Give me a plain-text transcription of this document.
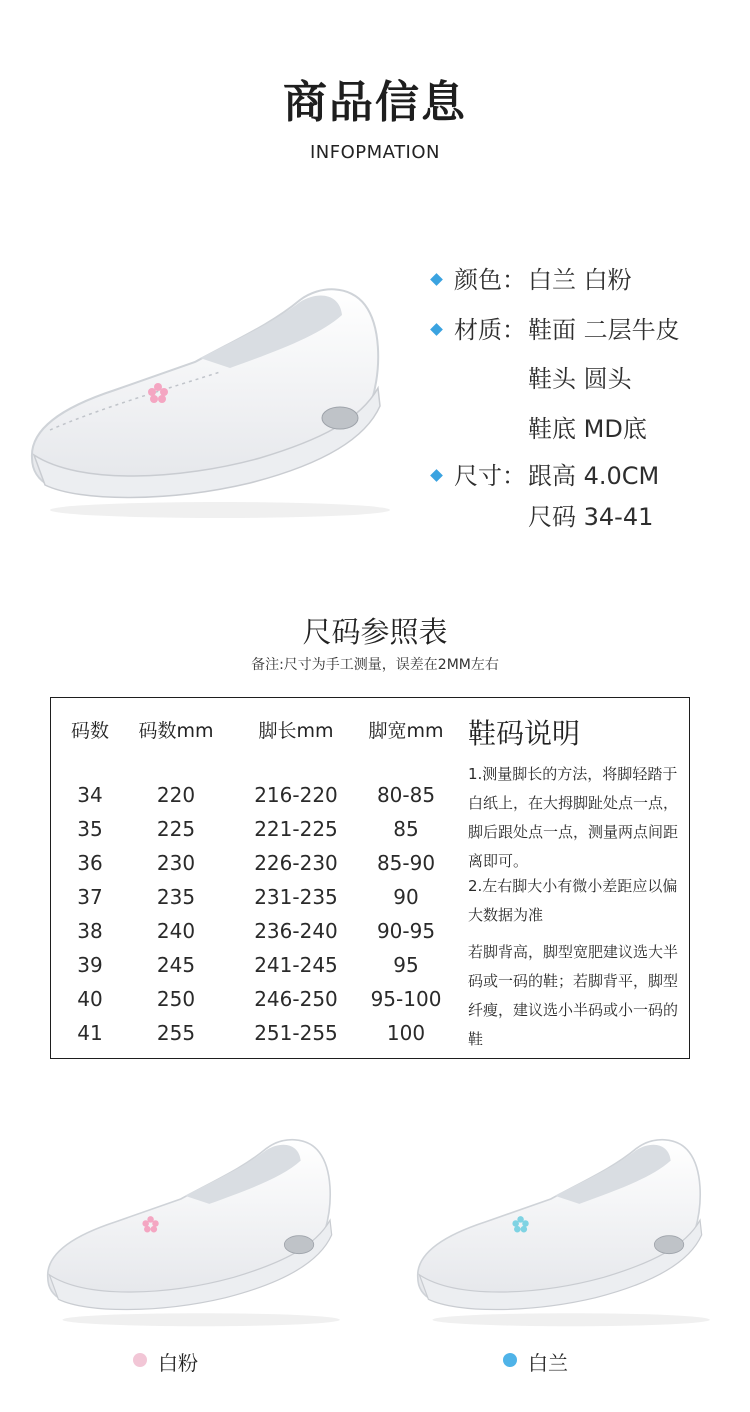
商品信息
INFOPMATION
颜色： 白兰 白粉
材质： 鞋面 二层牛皮
鞋头 圆头
鞋底 MD底
尺寸： 跟高 4.0CM
尺码 34-41
尺码参照表
备注:尺寸为手工测量，误差在2MM左右
码数	码数mm	脚长mm	脚宽mm
34	220	216-220	80-85
35	225	221-225	85
36	230	226-230	85-90
37	235	231-235	90
38	240	236-240	90-95
39	245	241-245	95
40	250	246-250	95-100
41	255	251-255	100
鞋码说明
1.测量脚长的方法，将脚轻踏于白纸上，在大拇脚趾处点一点，脚后跟处点一点，测量两点间距离即可。
2.左右脚大小有微小差距应以偏大数据为准
若脚背高，脚型宽肥建议选大半码或一码的鞋；若脚背平，脚型纤瘦，建议选小半码或小一码的鞋
白粉	白兰
